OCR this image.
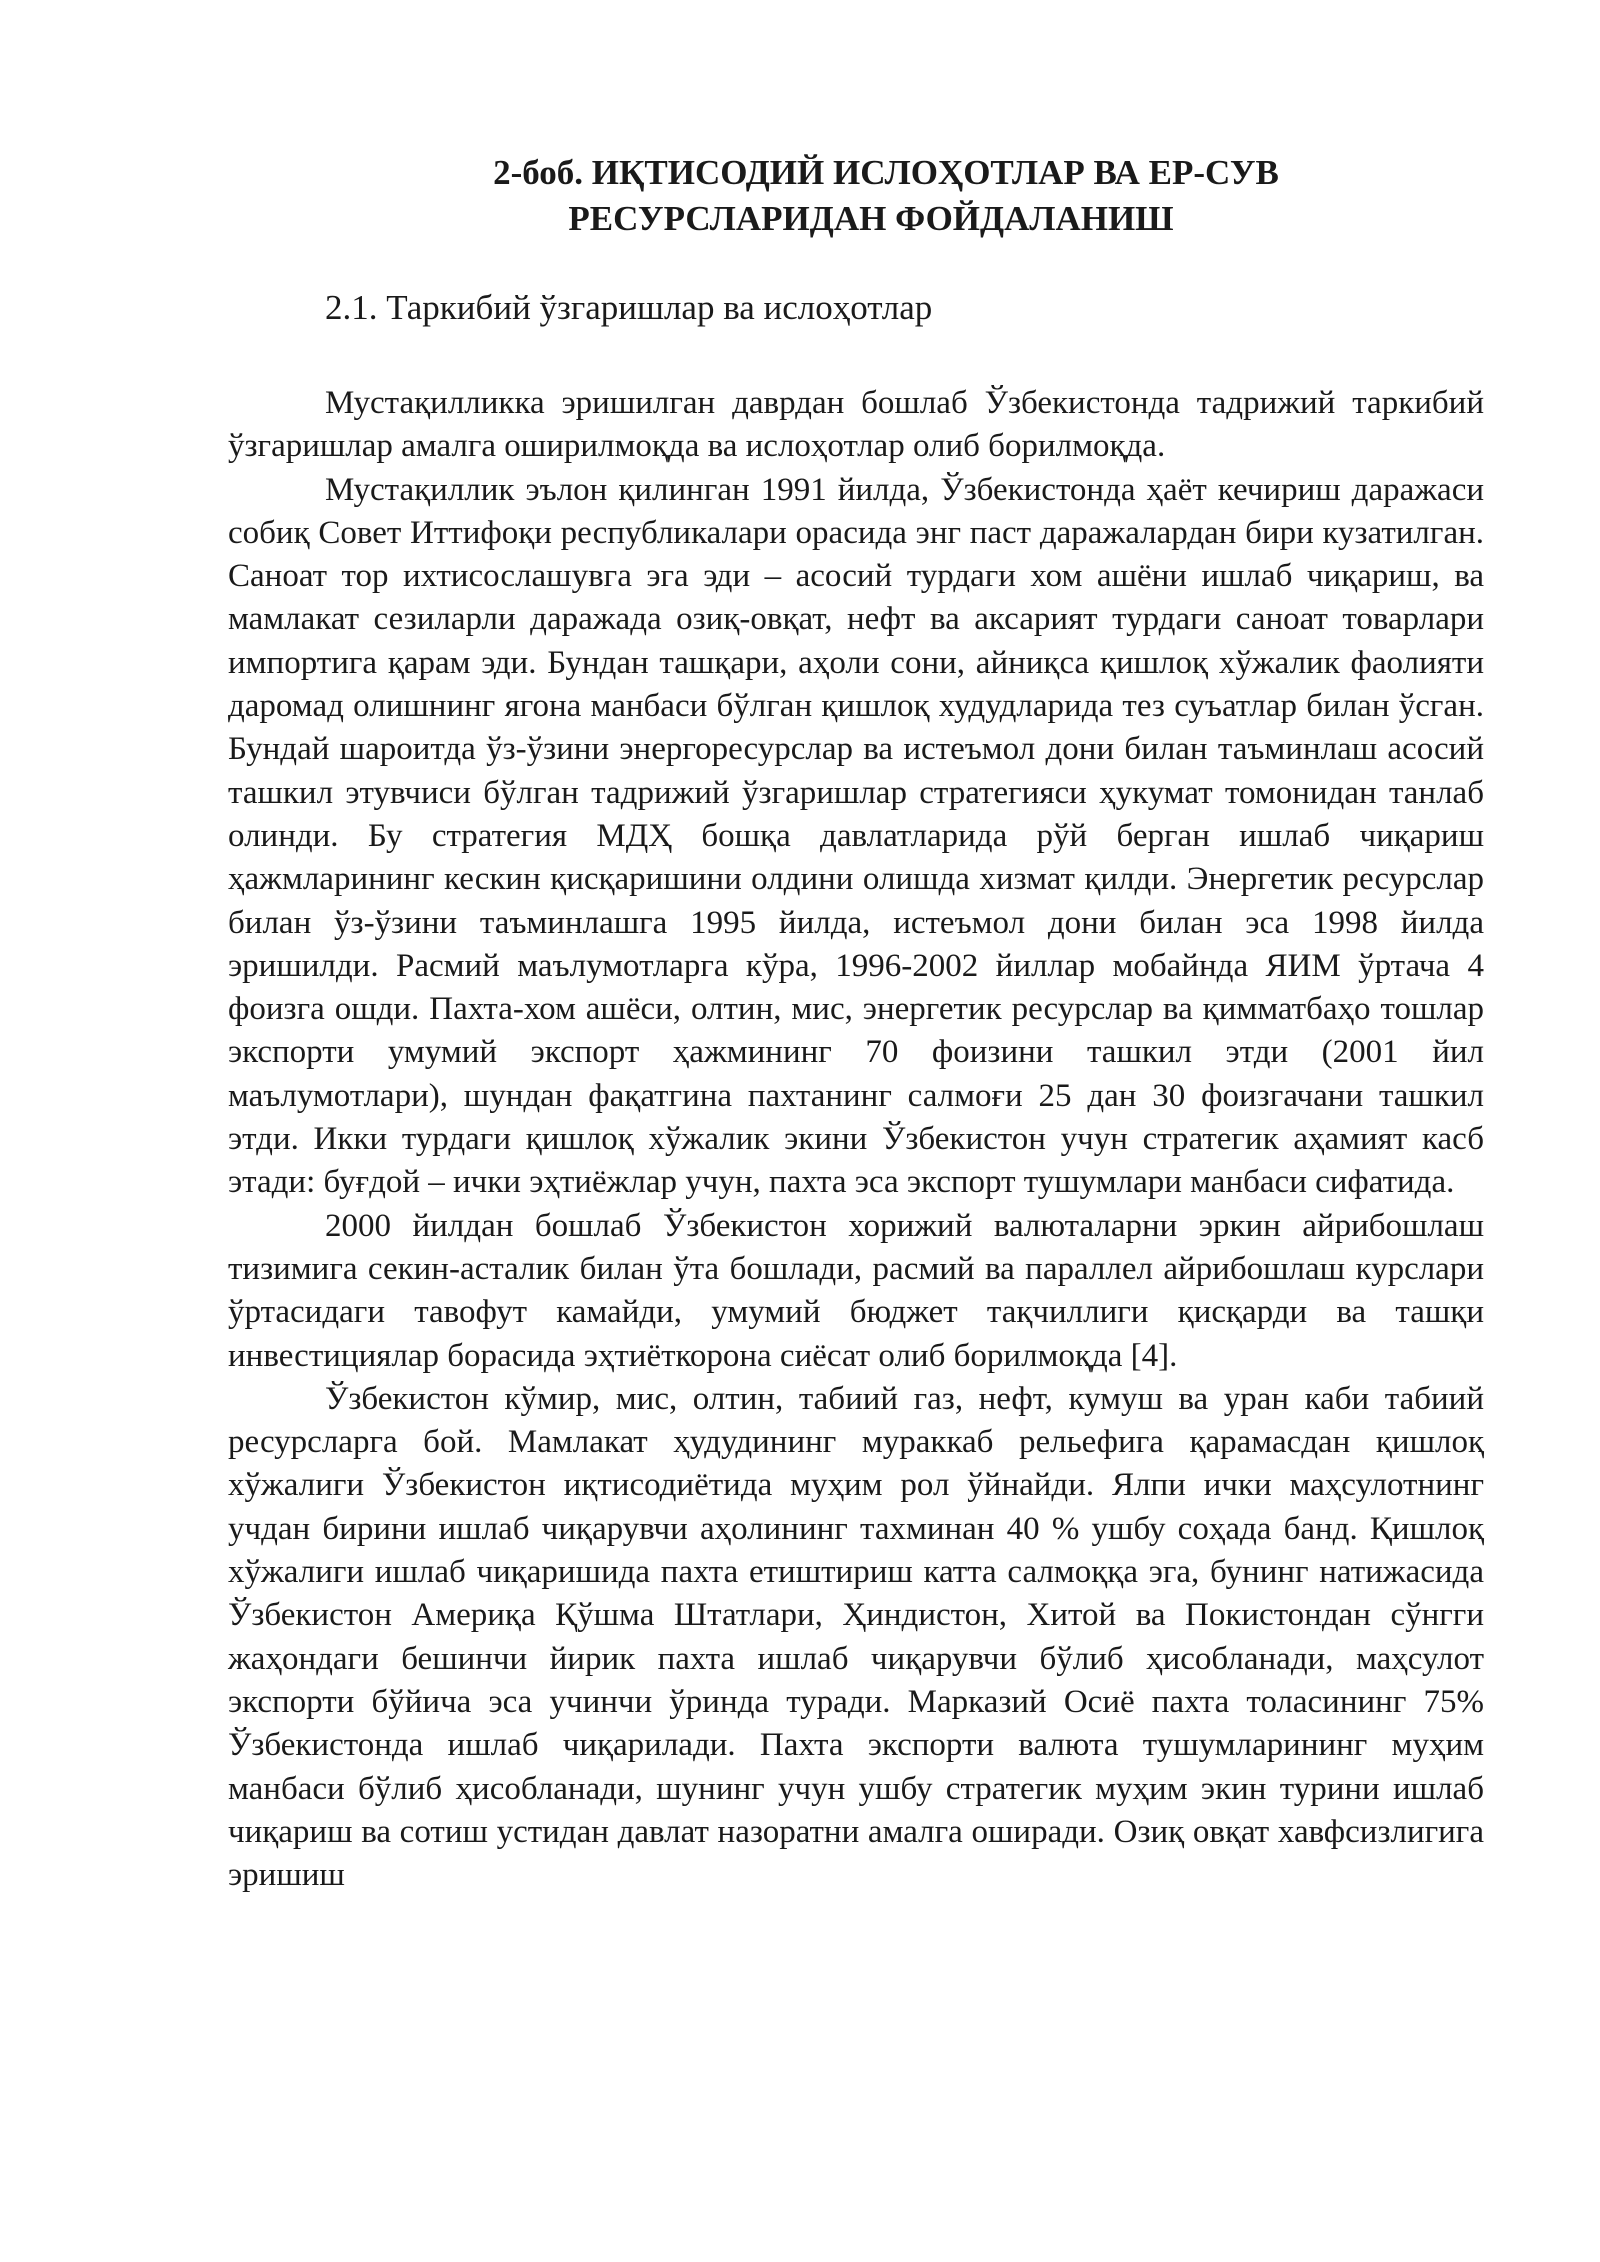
2-боб. ИҚТИСОДИЙ ИСЛОҲОТЛАР ВА ЕР-СУВ
РЕСУРСЛАРИДАН ФОЙДАЛАНИШ
2.1. Таркибий ўзгаришлар ва ислоҳотлар

Мустақилликка эришилган даврдан бошлаб Ўзбекистонда тадрижий таркибий ўзгаришлар амалга оширилмоқда ва ислоҳотлар олиб борилмоқда.

Мустақиллик эълон қилинган 1991 йилда, Ўзбекистонда ҳаёт кечириш даражаси собиқ Совет Иттифоқи республикалари орасида энг паст даражалардан бири кузатилган. Саноат тор ихтисослашувга эга эди – асосий турдаги хом ашёни ишлаб чиқариш, ва мамлакат сезиларли даражада озиқ-овқат, нефт ва аксарият турдаги саноат товарлари импортига қарам эди. Бундан ташқари, аҳоли сони, айниқса қишлоқ хўжалик фаолияти даромад олишнинг ягона манбаси бўлган қишлоқ худудларида тез суъатлар билан ўсган. Бундай шароитда ўз-ўзини энергоресурслар ва истеъмол дони билан таъминлаш асосий ташкил этувчиси бўлган тадрижий ўзгаришлар стратегияси ҳукумат томонидан танлаб олинди. Бу стратегия МДҲ бошқа давлатларида рўй берган ишлаб чиқариш ҳажмларининг кескин қисқаришини олдини олишда хизмат қилди. Энергетик ресурслар билан ўз-ўзини таъминлашга 1995 йилда, истеъмол дони билан эса 1998 йилда эришилди. Расмий маълумотларга кўра, 1996-2002 йиллар мобайнда ЯИМ ўртача 4 фоизга ошди. Пахта-хом ашёси, олтин, мис, энергетик ресурслар ва қимматбаҳо тошлар экспорти умумий экспорт ҳажмининг 70 фоизини ташкил этди (2001 йил маълумотлари), шундан фақатгина пахтанинг салмоғи 25 дан 30 фоизгачани ташкил этди. Икки турдаги қишлоқ хўжалик экини Ўзбекистон учун стратегик аҳамият касб этади: буғдой – ички эҳтиёжлар учун, пахта эса экспорт тушумлари манбаси сифатида.

2000 йилдан бошлаб Ўзбекистон хорижий валюталарни эркин айрибошлаш тизимига секин-асталик билан ўта бошлади, расмий ва параллел айрибошлаш курслари ўртасидаги тавофут камайди, умумий бюджет тақчиллиги қисқарди ва ташқи инвестициялар борасида эҳтиёткорона сиёсат олиб борилмоқда [4].

Ўзбекистон кўмир, мис, олтин, табиий газ, нефт, кумуш ва уран каби табиий ресурсларга бой. Мамлакат ҳудудининг мураккаб рельефига қарамасдан қишлоқ хўжалиги Ўзбекистон иқтисодиётида муҳим рол ўйнайди. Ялпи ички маҳсулотнинг учдан бирини ишлаб чиқарувчи аҳолининг тахминан 40 % ушбу соҳада банд. Қишлоқ хўжалиги ишлаб чиқаришида пахта етиштириш катта салмоққа эга, бунинг натижасида Ўзбекистон Америқа Қўшма Штатлари, Ҳиндистон, Хитой ва Покистондан сўнгги жаҳондаги бешинчи йирик пахта ишлаб чиқарувчи бўлиб ҳисобланади, маҳсулот экспорти бўйича эса учинчи ўринда туради. Марказий Осиё пахта толасининг 75% Ўзбекистонда ишлаб чиқарилади. Пахта экспорти валюта тушумларининг муҳим манбаси бўлиб ҳисобланади, шунинг учун ушбу стратегик муҳим экин турини ишлаб чиқариш ва сотиш устидан давлат назоратни амалга оширади. Озиқ овқат хавфсизлигига эришиш
